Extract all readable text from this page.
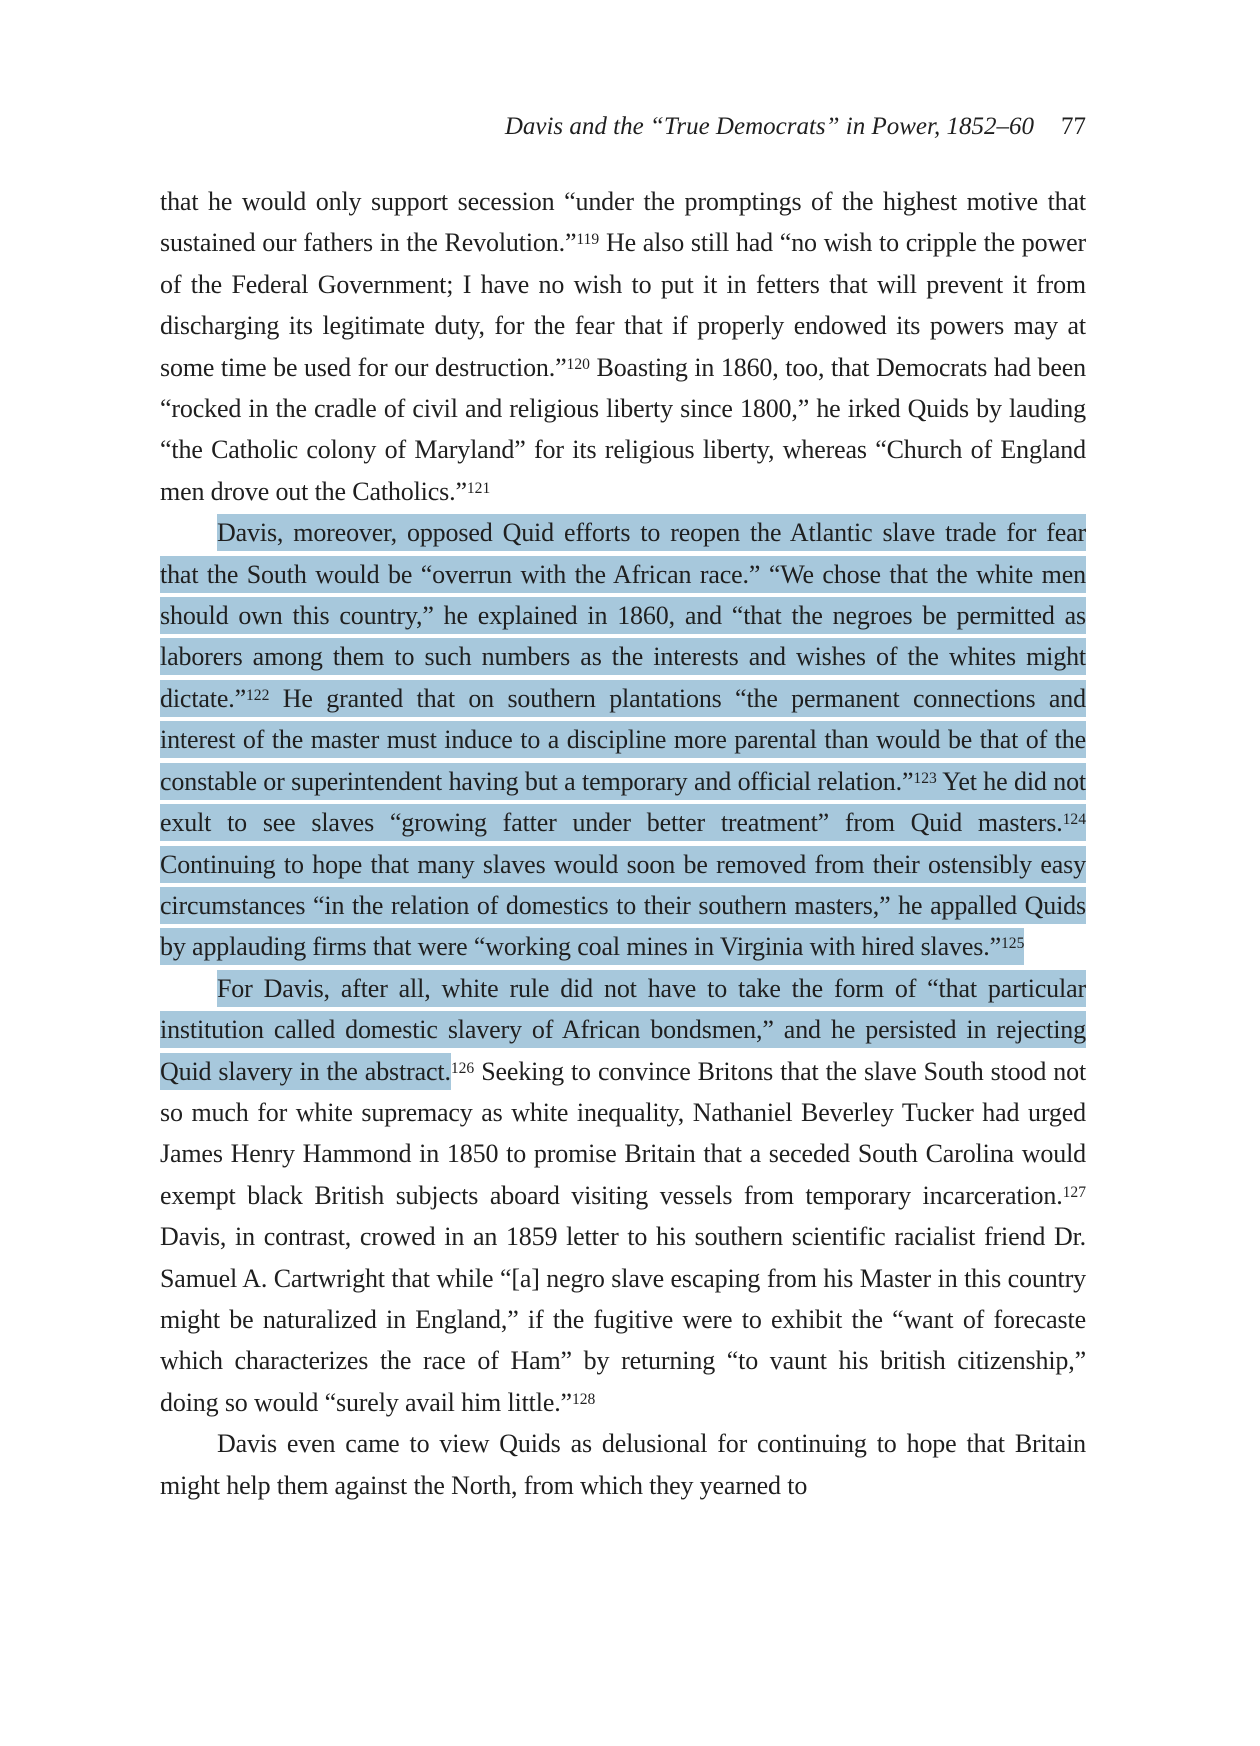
Davis and the “True Democrats” in Power, 1852–60 77

that he would only support secession “under the promptings of the highest motive that sustained our fathers in the Revolution.”$^{119}$ He also still had “no wish to cripple the power of the Federal Government; I have no wish to put it in fetters that will prevent it from discharging its legitimate duty, for the fear that if properly endowed its powers may at some time be used for our destruction.”$^{120}$ Boasting in 1860, too, that Democrats had been “rocked in the cradle of civil and religious liberty since 1800,” he irked Quids by lauding “the Catholic colony of Maryland” for its religious liberty, whereas “Church of England men drove out the Catholics.”$^{121}$

Davis, moreover, opposed Quid efforts to reopen the Atlantic slave trade for fear that the South would be “overrun with the African race.” “We chose that the white men should own this country,” he explained in 1860, and “that the negroes be permitted as laborers among them to such numbers as the interests and wishes of the whites might dictate.”$^{122}$ He granted that on southern plantations “the permanent connections and interest of the master must induce to a discipline more parental than would be that of the constable or superintendent having but a temporary and official relation.”$^{123}$ Yet he did not exult to see slaves “growing fatter under better treatment” from Quid masters.$^{124}$ Continuing to hope that many slaves would soon be removed from their ostensibly easy circumstances “in the relation of domestics to their southern masters,” he appalled Quids by applauding firms that were “working coal mines in Virginia with hired slaves.”$^{125}$

For Davis, after all, white rule did not have to take the form of “that particular institution called domestic slavery of African bondsmen,” and he persisted in rejecting Quid slavery in the abstract.$^{126}$ Seeking to convince Britons that the slave South stood not so much for white supremacy as white inequality, Nathaniel Beverley Tucker had urged James Henry Hammond in 1850 to promise Britain that a seceded South Carolina would exempt black British subjects aboard visiting vessels from temporary incarceration.$^{127}$ Davis, in contrast, crowed in an 1859 letter to his southern scientific racialist friend Dr. Samuel A. Cartwright that while “[a] negro slave escaping from his Master in this country might be naturalized in England,” if the fugitive were to exhibit the “want of forecaste which characterizes the race of Ham” by returning “to vaunt his british citizenship,” doing so would “surely avail him little.”$^{128}$

Davis even came to view Quids as delusional for continuing to hope that Britain might help them against the North, from which they yearned to
